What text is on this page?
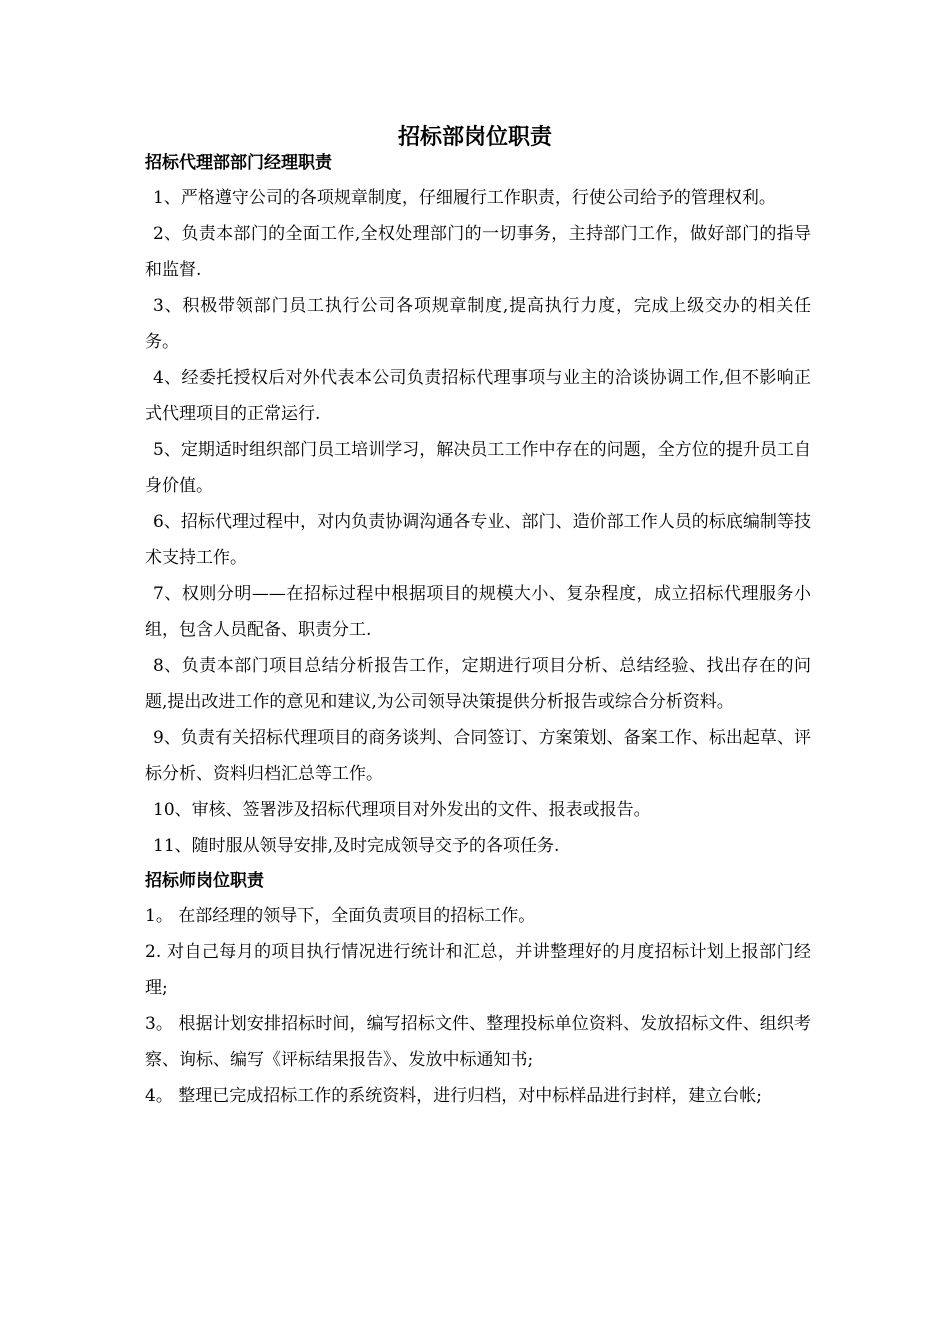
招标部岗位职责
招标代理部部门经理职责

1、严格遵守公司的各项规章制度，仔细履行工作职责，行使公司给予的管理权利。

2、负责本部门的全面工作,全权处理部门的一切事务，主持部门工作，做好部门的指导和监督.

3、积极带领部门员工执行公司各项规章制度,提高执行力度，完成上级交办的相关任务。

4、经委托授权后对外代表本公司负责招标代理事项与业主的洽谈协调工作,但不影响正式代理项目的正常运行.

5、定期适时组织部门员工培训学习，解决员工工作中存在的问题，全方位的提升员工自身价值。

6、招标代理过程中，对内负责协调沟通各专业、部门、造价部工作人员的标底编制等技术支持工作。

7、权则分明——在招标过程中根据项目的规模大小、复杂程度，成立招标代理服务小组，包含人员配备、职责分工.

8、负责本部门项目总结分析报告工作，定期进行项目分析、总结经验、找出存在的问题,提出改进工作的意见和建议,为公司领导决策提供分析报告或综合分析资料。

9、负责有关招标代理项目的商务谈判、合同签订、方案策划、备案工作、标出起草、评标分析、资料归档汇总等工作。

10、审核、签署涉及招标代理项目对外发出的文件、报表或报告。

11、随时服从领导安排,及时完成领导交予的各项任务.

招标师岗位职责

1。 在部经理的领导下，全面负责项目的招标工作。

2. 对自己每月的项目执行情况进行统计和汇总，并讲整理好的月度招标计划上报部门经理;

3。 根据计划安排招标时间，编写招标文件、整理投标单位资料、发放招标文件、组织考察、询标、编写《评标结果报告》、发放中标通知书;

4。 整理已完成招标工作的系统资料，进行归档，对中标样品进行封样，建立台帐;
